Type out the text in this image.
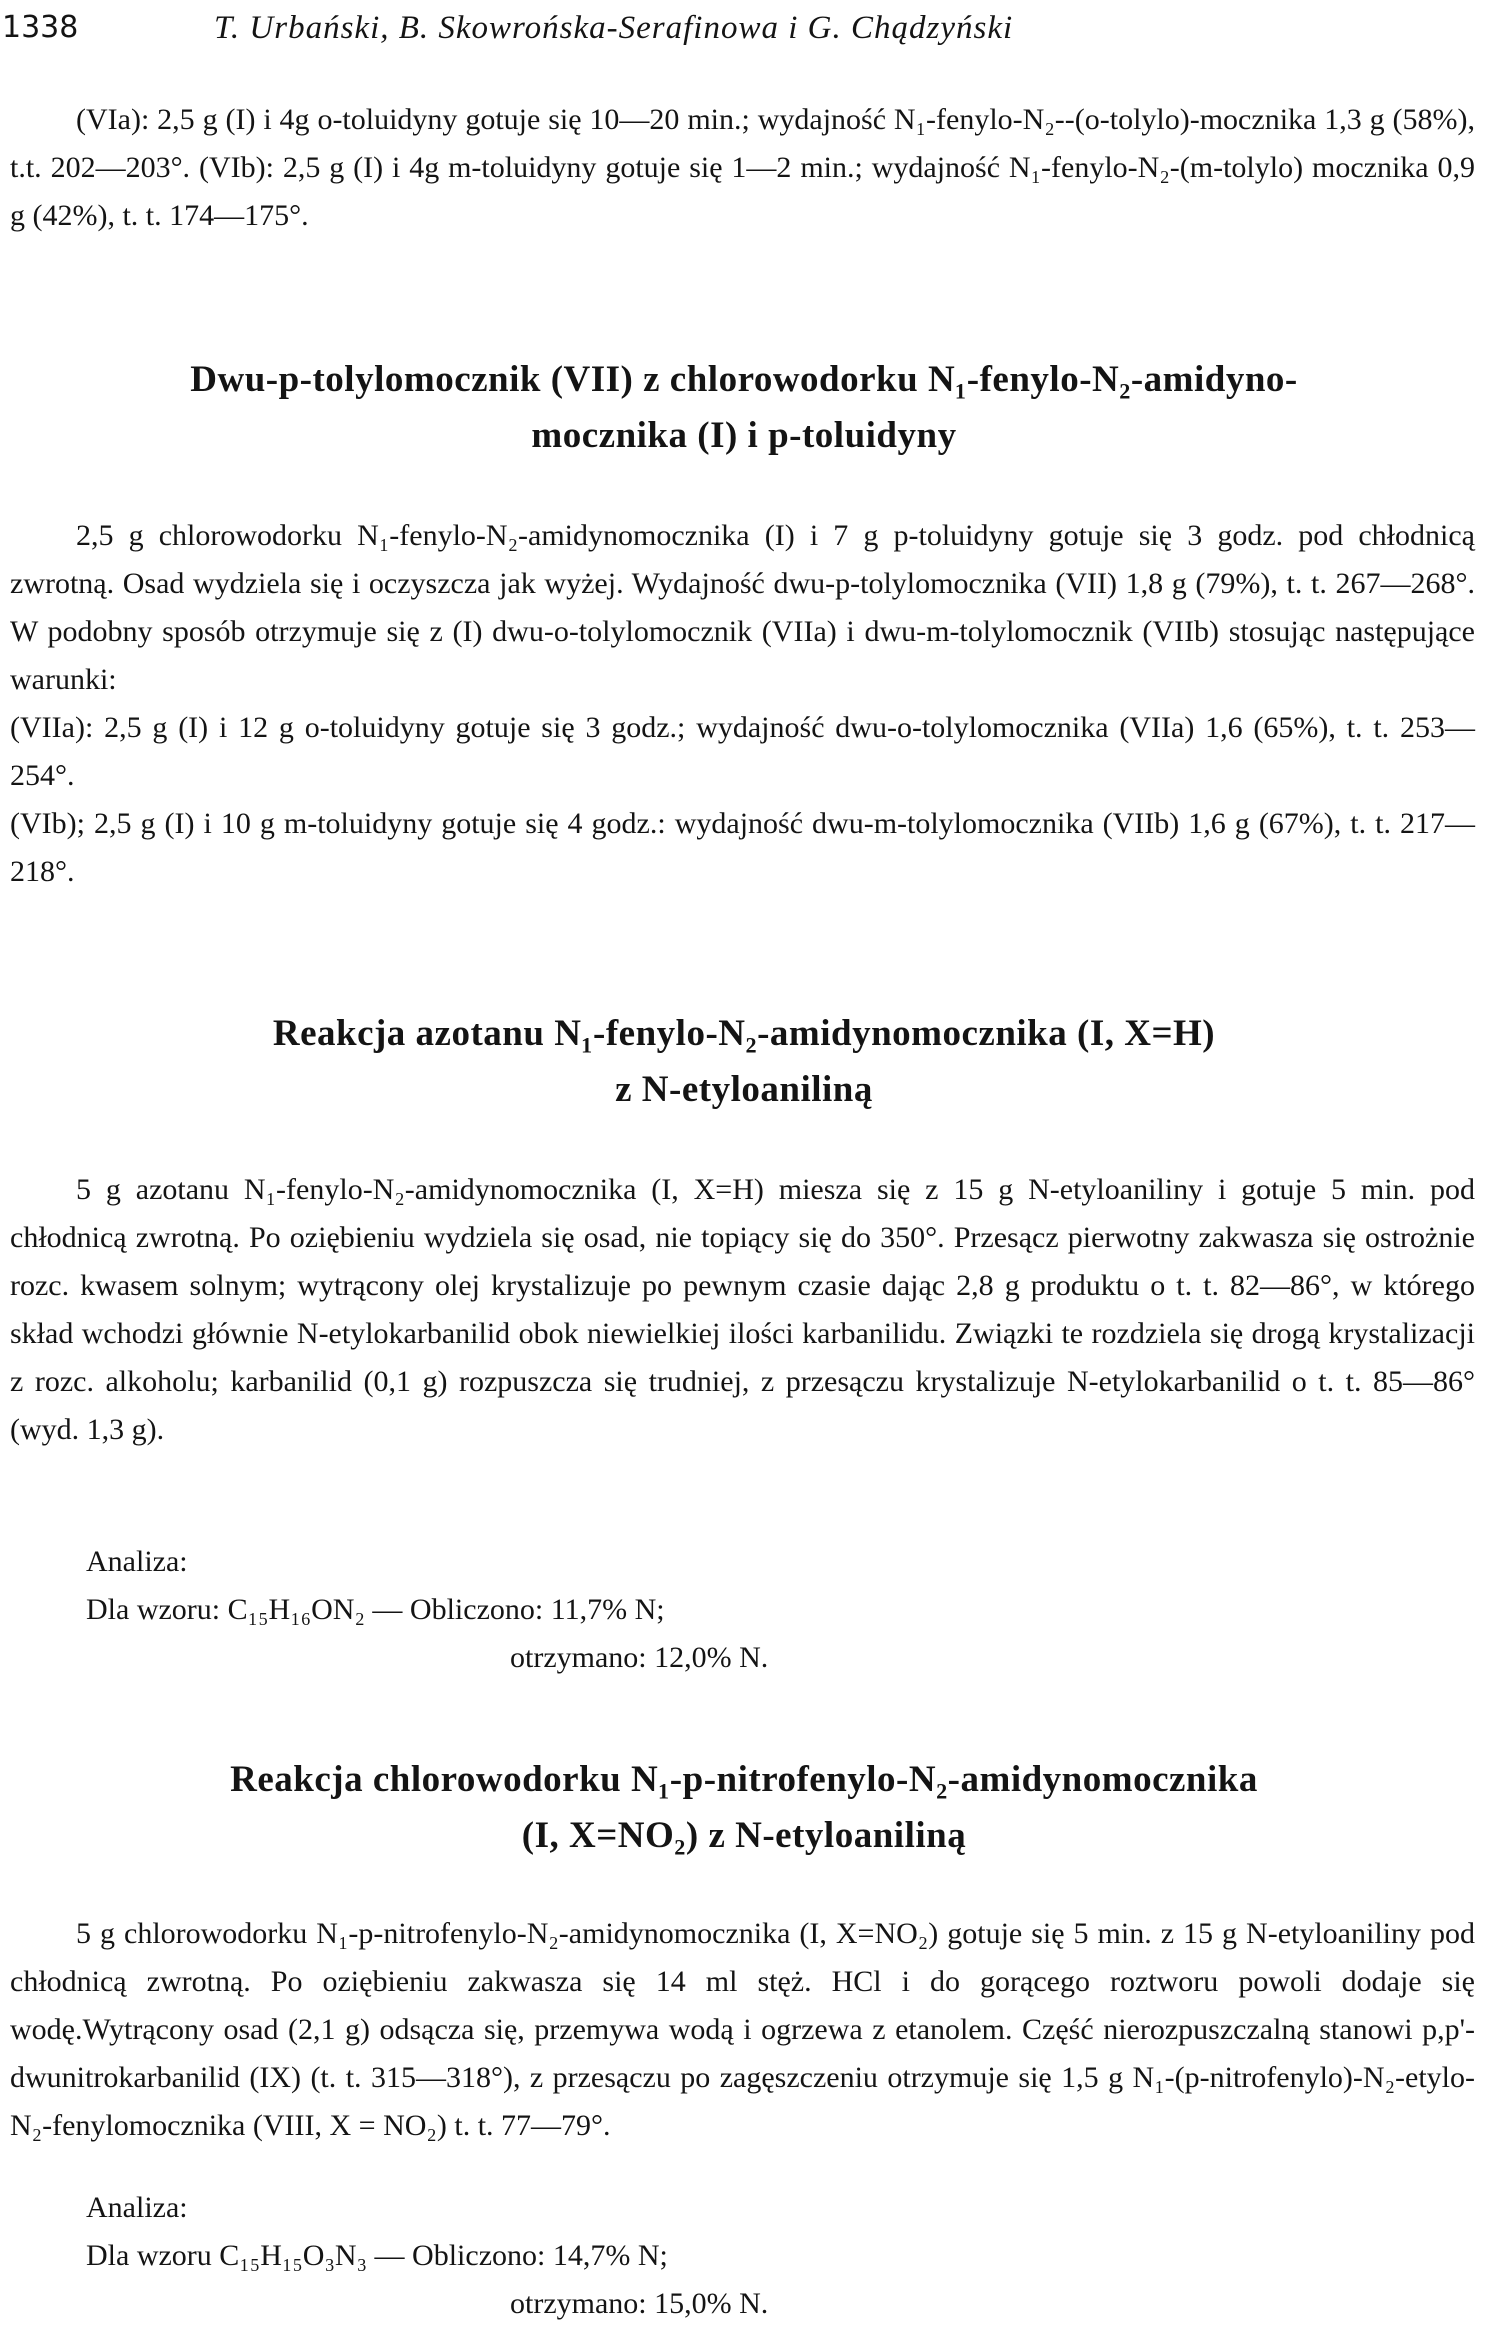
1338	T. Urbański, B. Skowrońska-Serafinowa i G. Chądzyński

(VIa): 2,5 g (I) i 4g o-toluidyny gotuje się 10—20 min.; wydajność N₁-fenylo-N₂--(o-tolylo)-mocznika 1,3 g (58%), t.t. 202—203°. (VIb): 2,5 g (I) i 4g m-toluidyny gotuje się 1—2 min.; wydajność N₁-fenylo-N₂-(m-tolylo) mocznika 0,9 g (42%), t. t. 174—175°.

Dwu-p-tolylomocznik (VII) z chlorowodorku N₁-fenylo-N₂-amidyno-
mocznika (I) i p-toluidyny

2,5 g chlorowodorku N₁-fenylo-N₂-amidynomocznika (I) i 7 g p-toluidyny gotuje się 3 godz. pod chłodnicą zwrotną. Osad wydziela się i oczyszcza jak wyżej. Wydajność dwu-p-tolylomocznika (VII) 1,8 g (79%), t. t. 267—268°. W podobny sposób otrzymuje się z (I) dwu-o-tolylomocznik (VIIa) i dwu-m-tolylomocznik (VIIb) stosując następujące warunki:

(VIIa): 2,5 g (I) i 12 g o-toluidyny gotuje się 3 godz.; wydajność dwu-o-tolylomocznika (VIIa) 1,6 (65%), t. t. 253—254°.

(VIb); 2,5 g (I) i 10 g m-toluidyny gotuje się 4 godz.: wydajność dwu-m-tolylomocznika (VIIb) 1,6 g (67%), t. t. 217—218°.

Reakcja azotanu N₁-fenylo-N₂-amidynomocznika (I, X=H)
z N-etyloaniliną

5 g azotanu N₁-fenylo-N₂-amidynomocznika (I, X=H) miesza się z 15 g N-etyloaniliny i gotuje 5 min. pod chłodnicą zwrotną. Po oziębieniu wydziela się osad, nie topiący się do 350°. Przesącz pierwotny zakwasza się ostrożnie rozc. kwasem solnym; wytrącony olej krystalizuje po pewnym czasie dając 2,8 g produktu o t. t. 82—86°, w którego skład wchodzi głównie N-etylokarbanilid obok niewielkiej ilości karbanilidu. Związki te rozdziela się drogą krystalizacji z rozc. alkoholu; karbanilid (0,1 g) rozpuszcza się trudniej, z przesączu krystalizuje N-etylokarbanilid o t. t. 85—86° (wyd. 1,3 g).

Analiza:
Dla wzoru: C₁₅H₁₆ON₂ — Obliczono: 11,7% N;
otrzymano: 12,0% N.
Reakcja chlorowodorku N₁-p-nitrofenylo-N₂-amidynomocznika
(I, X=NO₂) z N-etyloaniliną

5 g chlorowodorku N₁-p-nitrofenylo-N₂-amidynomocznika (I, X=NO₂) gotuje się 5 min. z 15 g N-etyloaniliny pod chłodnicą zwrotną. Po oziębieniu zakwasza się 14 ml stęż. HCl i do gorącego roztworu powoli dodaje się wodę.Wytrącony osad (2,1 g) odsącza się, przemywa wodą i ogrzewa z etanolem. Część nierozpuszczalną stanowi p,p'-dwunitrokarbanilid (IX) (t. t. 315—318°), z przesączu po zagęszczeniu otrzymuje się 1,5 g N₁-(p-nitrofenylo)-N₂-etylo-N₂-fenylomocznika (VIII, X = NO₂) t. t. 77—79°.

Analiza:
Dla wzoru C₁₅H₁₅O₃N₃ — Obliczono: 14,7% N;
otrzymano: 15,0% N.
